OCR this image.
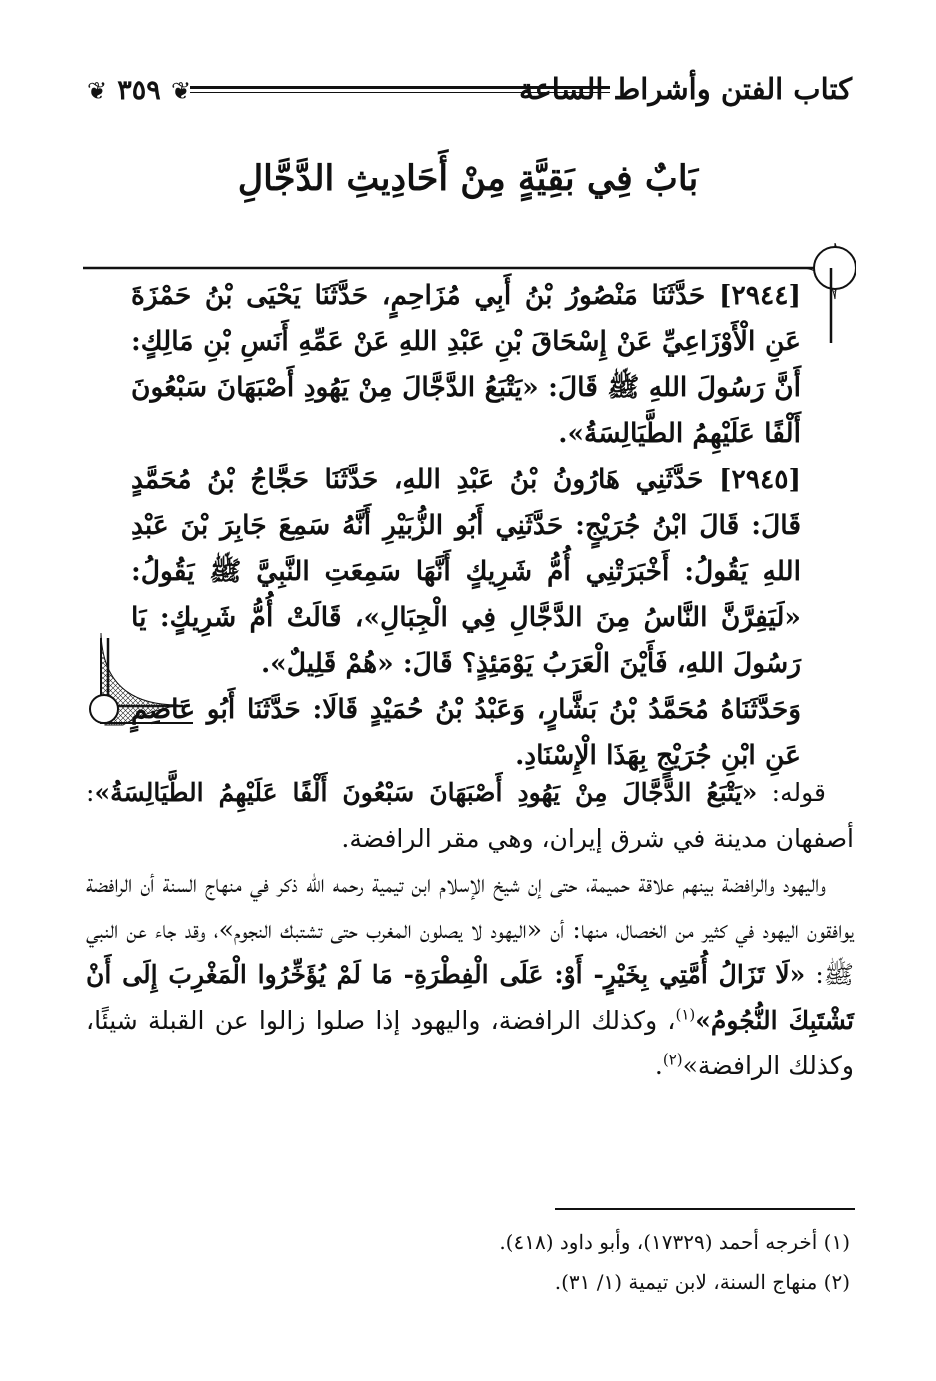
كتاب الفتن وأشراط الساعة
❦ ٣٥٩ ❦
بَابٌ فِي بَقِيَّةٍ مِنْ أَحَادِيثِ الدَّجَّالِ
[٢٩٤٤] حَدَّثَنَا مَنْصُورُ بْنُ أَبِي مُزَاحِمٍ، حَدَّثَنَا يَحْيَى بْنُ حَمْزَةَ عَنِ الْأَوْزَاعِيِّ عَنْ إِسْحَاقَ بْنِ عَبْدِ اللهِ عَنْ عَمِّهِ أَنَسِ بْنِ مَالِكٍ: أَنَّ رَسُولَ اللهِ ﷺ قَالَ: «يَتْبَعُ الدَّجَّالَ مِنْ يَهُودِ أَصْبَهَانَ سَبْعُونَ أَلْفًا عَلَيْهِمُ الطَّيَالِسَةُ».
[٢٩٤٥] حَدَّثَنِي هَارُونُ بْنُ عَبْدِ اللهِ، حَدَّثَنَا حَجَّاجُ بْنُ مُحَمَّدٍ قَالَ: قَالَ ابْنُ جُرَيْجٍ: حَدَّثَنِي أَبُو الزُّبَيْرِ أَنَّهُ سَمِعَ جَابِرَ بْنَ عَبْدِ اللهِ يَقُولُ: أَخْبَرَتْنِي أُمُّ شَرِيكٍ أَنَّهَا سَمِعَتِ النَّبِيَّ ﷺ يَقُولُ: «لَيَفِرَّنَّ النَّاسُ مِنَ الدَّجَّالِ فِي الْجِبَالِ»، قَالَتْ أُمُّ شَرِيكٍ: يَا رَسُولَ اللهِ، فَأَيْنَ الْعَرَبُ يَوْمَئِذٍ؟ قَالَ: «هُمْ قَلِيلٌ».
وَحَدَّثَنَاهُ مُحَمَّدُ بْنُ بَشَّارٍ، وَعَبْدُ بْنُ حُمَيْدٍ قَالَا: حَدَّثَنَا أَبُو عَاصِمٍ عَنِ ابْنِ جُرَيْجٍ بِهَذَا الْإِسْنَادِ.

قوله: «يَتْبَعُ الدَّجَّالَ مِنْ يَهُودِ أَصْبَهَانَ سَبْعُونَ أَلْفًا عَلَيْهِمُ الطَّيَالِسَةُ»: أصفهان مدينة في شرق إيران، وهي مقر الرافضة.

واليهود والرافضة بينهم علاقة حميمة، حتى إن شيخ الإسلام ابن تيمية رحمه الله ذكر في منهاج السنة أن الرافضة يوافقون اليهود في كثير من الخصال، منها: أن «اليهود لا يصلون المغرب حتى تشتبك النجوم»، وقد جاء عن النبي ﷺ: «لَا تَزَالُ أُمَّتِي بِخَيْرٍ- أَوْ: عَلَى الْفِطْرَةِ- مَا لَمْ يُؤَخِّرُوا الْمَغْرِبَ إِلَى أَنْ تَشْتَبِكَ النُّجُومُ»$^{(١)}$، وكذلك الرافضة، واليهود إذا صلوا زالوا عن القبلة شيئًا، وكذلك الرافضة»$^{(٢)}$.

(١) أخرجه أحمد (١٧٣٢٩)، وأبو داود (٤١٨).
(٢) منهاج السنة، لابن تيمية (١/ ٣١).
